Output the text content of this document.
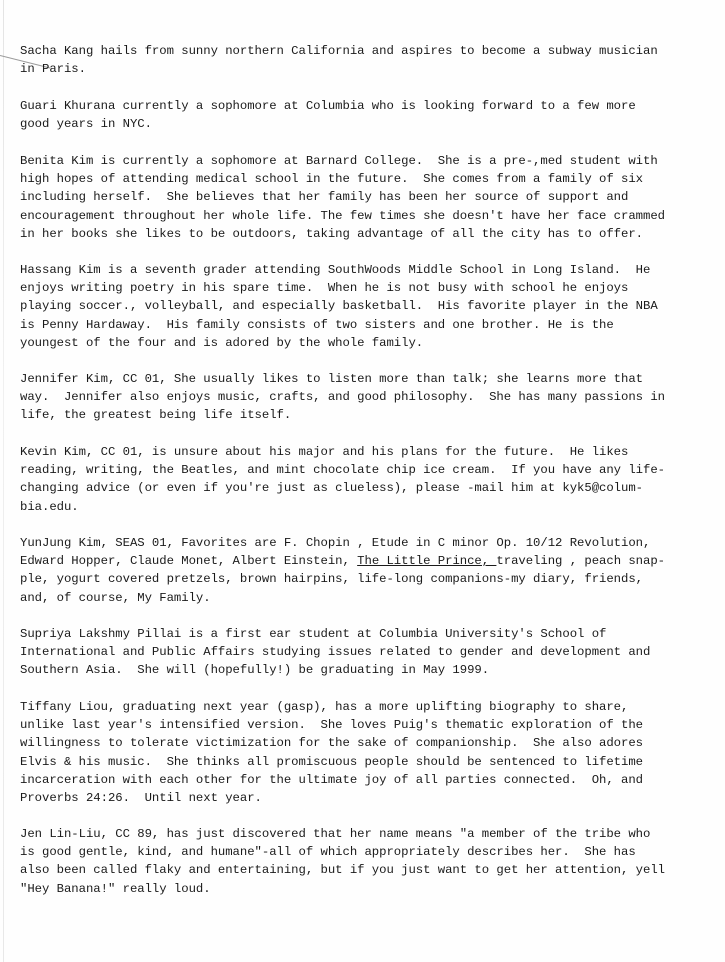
Sacha Kang hails from sunny northern California and aspires to become a subway musician
in Paris.

Guari Khurana currently a sophomore at Columbia who is looking forward to a few more
good years in NYC.

Benita Kim is currently a sophomore at Barnard College.  She is a pre-,med student with
high hopes of attending medical school in the future.  She comes from a family of six
including herself.  She believes that her family has been her source of support and
encouragement throughout her whole life. The few times she doesn't have her face crammed
in her books she likes to be outdoors, taking advantage of all the city has to offer.

Hassang Kim is a seventh grader attending SouthWoods Middle School in Long Island.  He
enjoys writing poetry in his spare time.  When he is not busy with school he enjoys
playing soccer., volleyball, and especially basketball.  His favorite player in the NBA
is Penny Hardaway.  His family consists of two sisters and one brother. He is the
youngest of the four and is adored by the whole family.

Jennifer Kim, CC 01, She usually likes to listen more than talk; she learns more that
way.  Jennifer also enjoys music, crafts, and good philosophy.  She has many passions in
life, the greatest being life itself.

Kevin Kim, CC 01, is unsure about his major and his plans for the future.  He likes
reading, writing, the Beatles, and mint chocolate chip ice cream.  If you have any life-
changing advice (or even if you're just as clueless), please -mail him at kyk5@colum-
bia.edu.

YunJung Kim, SEAS 01, Favorites are F. Chopin , Etude in C minor Op. 10/12 Revolution,
Edward Hopper, Claude Monet, Albert Einstein, The Little Prince, traveling , peach snap-
ple, yogurt covered pretzels, brown hairpins, life-long companions-my diary, friends,
and, of course, My Family.

Supriya Lakshmy Pillai is a first ear student at Columbia University's School of
International and Public Affairs studying issues related to gender and development and
Southern Asia.  She will (hopefully!) be graduating in May 1999.

Tiffany Liou, graduating next year (gasp), has a more uplifting biography to share,
unlike last year's intensified version.  She loves Puig's thematic exploration of the
willingness to tolerate victimization for the sake of companionship.  She also adores
Elvis & his music.  She thinks all promiscuous people should be sentenced to lifetime
incarceration with each other for the ultimate joy of all parties connected.  Oh, and
Proverbs 24:26.  Until next year.

Jen Lin-Liu, CC 89, has just discovered that her name means "a member of the tribe who
is good gentle, kind, and humane"-all of which appropriately describes her.  She has
also been called flaky and entertaining, but if you just want to get her attention, yell
"Hey Banana!" really loud.
